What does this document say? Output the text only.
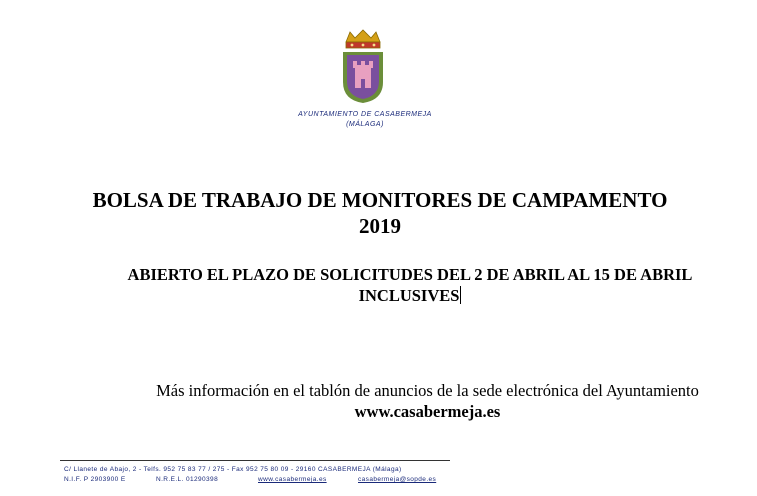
AYUNTAMIENTO DE CASABERMEJA
(MÁLAGA)
BOLSA DE TRABAJO DE MONITORES DE CAMPAMENTO
2019
ABIERTO EL PLAZO DE SOLICITUDES DEL 2 DE ABRIL AL 15 DE ABRIL
INCLUSIVES
Más información en el tablón de anuncios de la sede electrónica del Ayuntamiento
www.casabermeja.es
C/ Llanete de Abajo, 2 - Telfs. 952 75 83 77 / 275 - Fax 952 75 80 09 - 29160 CASABERMEJA (Málaga)
N.I.F. P 2903900 E	N.R.E.L. 01290398	www.casabermeja.es	casabermeja@sopde.es
